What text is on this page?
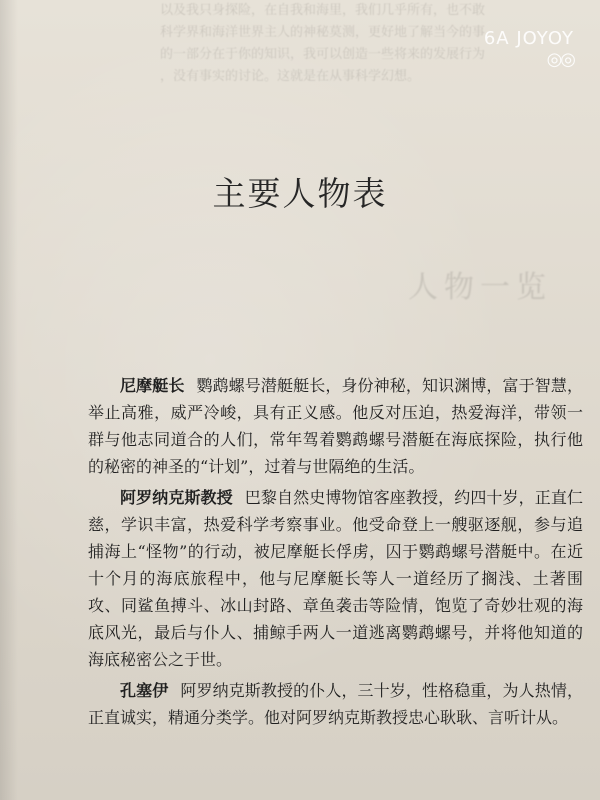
以及我只身探险，在自我和海里，我们几乎所有，也不敢
科学界和海洋世界主人的神秘莫测，更好地了解当今的事
的一部分在于你的知识，我可以创造一些将来的发展行为
，没有事实的讨论。这就是在从事科学幻想。
人物一览
6A JOYOY
◎◎
主要人物表

尼摩艇长 鹦鹉螺号潜艇艇长，身份神秘，知识渊博，富于智慧，举止高雅，威严冷峻，具有正义感。他反对压迫，热爱海洋，带领一群与他志同道合的人们，常年驾着鹦鹉螺号潜艇在海底探险，执行他的秘密的神圣的“计划”，过着与世隔绝的生活。

阿罗纳克斯教授 巴黎自然史博物馆客座教授，约四十岁，正直仁慈，学识丰富，热爱科学考察事业。他受命登上一艘驱逐舰，参与追捕海上“怪物”的行动，被尼摩艇长俘虏，囚于鹦鹉螺号潜艇中。在近十个月的海底旅程中，他与尼摩艇长等人一道经历了搁浅、土著围攻、同鲨鱼搏斗、冰山封路、章鱼袭击等险情，饱览了奇妙壮观的海底风光，最后与仆人、捕鲸手两人一道逃离鹦鹉螺号，并将他知道的海底秘密公之于世。

孔塞伊 阿罗纳克斯教授的仆人，三十岁，性格稳重，为人热情，正直诚实，精通分类学。他对阿罗纳克斯教授忠心耿耿、言听计从。
